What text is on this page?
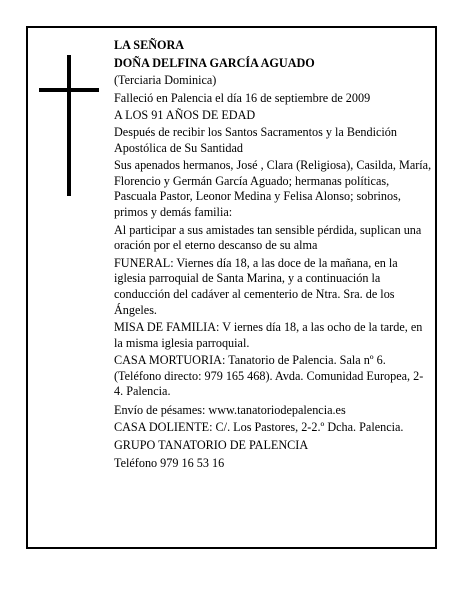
LA SEÑORA
DOÑA DELFINA GARCÍA AGUADO
(Terciaria Dominica)
Falleció en Palencia el día 16 de septiembre de 2009
A LOS 91 AÑOS DE EDAD
Después de recibir los Santos Sacramentos y la Bendición Apostólica de Su Santidad
Sus apenados hermanos, José , Clara (Religiosa), Casilda, María, Florencio y Germán García Aguado; hermanas políticas, Pascuala Pastor, Leonor Medina y Felisa Alonso; sobrinos, primos y demás familia:
Al participar a sus amistades tan sensible pérdida, suplican una oración por el eterno descanso de su alma
FUNERAL: Viernes día 18, a las doce de la mañana, en la iglesia parroquial de Santa Marina, y a continuación la conducción del cadáver al cementerio de Ntra. Sra. de los Ángeles.
MISA DE FAMILIA: V iernes día 18, a las ocho de la tarde, en la misma iglesia parroquial.
CASA MORTUORIA: Tanatorio de Palencia. Sala nº 6. (Teléfono directo: 979 165 468). Avda. Comunidad Europea, 2-4. Palencia.
Envío de pésames: www.tanatoriodepalencia.es
CASA DOLIENTE: C/. Los Pastores, 2-2.º Dcha. Palencia.
GRUPO TANATORIO DE PALENCIA
Teléfono 979 16 53 16
